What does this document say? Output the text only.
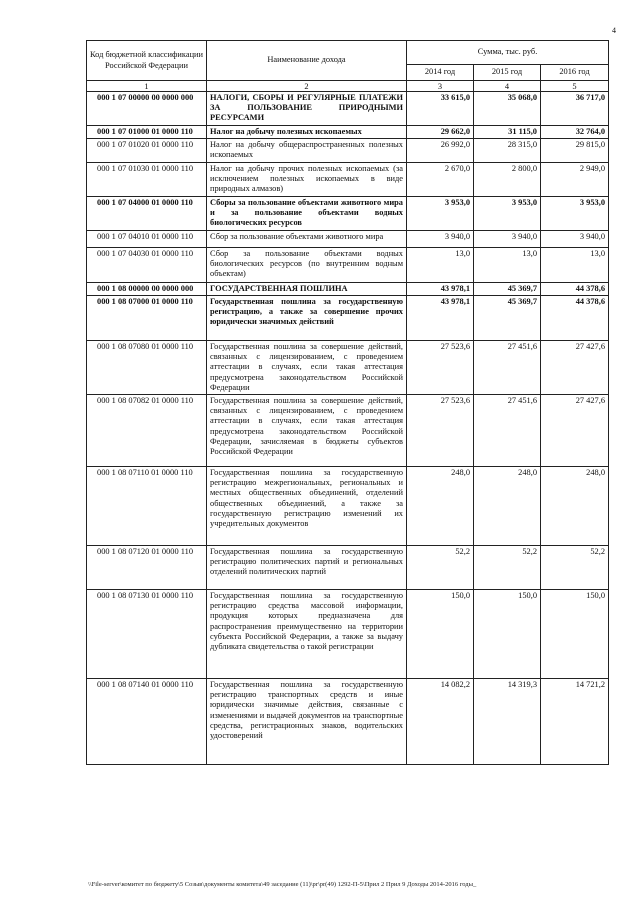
4
Код бюджетной классификации Российской Федерации	Наименование дохода	Сумма, тыс. руб.		
		2014 год	2015 год	2016 год
1	2	3	4	5
000 1 07 00000 00 0000 000	НАЛОГИ, СБОРЫ И РЕГУЛЯРНЫЕ ПЛАТЕЖИ ЗА ПОЛЬЗОВАНИЕ ПРИРОДНЫМИ РЕСУРСАМИ	33 615,0	35 068,0	36 717,0
000 1 07 01000 01 0000 110	Налог на добычу полезных ископаемых	29 662,0	31 115,0	32 764,0
000 1 07 01020 01 0000 110	Налог на добычу общераспространенных полезных ископаемых	26 992,0	28 315,0	29 815,0
000 1 07 01030 01 0000 110	Налог на добычу прочих полезных ископаемых (за исключением полезных ископаемых в виде природных алмазов)	2 670,0	2 800,0	2 949,0
000 1 07 04000 01 0000 110	Сборы за пользование объектами животного мира и за пользование объектами водных биологических ресурсов	3 953,0	3 953,0	3 953,0
000 1 07 04010 01 0000 110	Сбор за пользование объектами животного мира	3 940,0	3 940,0	3 940,0
000 1 07 04030 01 0000 110	Сбор за пользование объектами водных биологических ресурсов (по внутренним водным объектам)	13,0	13,0	13,0
000 1 08 00000 00 0000 000	ГОСУДАРСТВЕННАЯ ПОШЛИНА	43 978,1	45 369,7	44 378,6
000 1 08 07000 01 0000 110	Государственная пошлина за государственную регистрацию, а также за совершение прочих юридически значимых действий	43 978,1	45 369,7	44 378,6
000 1 08 07080 01 0000 110	Государственная пошлина за совершение действий, связанных с лицензированием, с проведением аттестации в случаях, если такая аттестация предусмотрена законодательством Российской Федерации	27 523,6	27 451,6	27 427,6
000 1 08 07082 01 0000 110	Государственная пошлина за совершение действий, связанных с лицензированием, с проведением аттестации в случаях, если такая аттестация предусмотрена законодательством Российской Федерации, зачисляемая в бюджеты субъектов Российской Федерации	27 523,6	27 451,6	27 427,6
000 1 08 07110 01 0000 110	Государственная пошлина за государственную регистрацию межрегиональных, региональных и местных общественных объединений, отделений общественных объединений, а также за государственную регистрацию изменений их учредительных документов	248,0	248,0	248,0
000 1 08 07120 01 0000 110	Государственная пошлина за государственную регистрацию политических партий и региональных отделений политических партий	52,2	52,2	52,2
000 1 08 07130 01 0000 110	Государственная пошлина за государственную регистрацию средства массовой информации, продукция которых предназначена для распространения преимущественно на территории субъекта Российской Федерации, а также за выдачу дубликата свидетельства о такой регистрации	150,0	150,0	150,0
000 1 08 07140 01 0000 110	Государственная пошлина за государственную регистрацию транспортных средств и иные юридически значимые действия, связанные с изменениями и выдачей документов на транспортные средства, регистрационных знаков, водительских удостоверений	14 082,2	14 319,3	14 721,2
\\File-server\комитет по бюджету\5 Созыв\документы комитета\49 заседание (11)\pr\pr(49) 1292-П-5\Прил 2 Прил 9 Доходы 2014-2016 годы_
